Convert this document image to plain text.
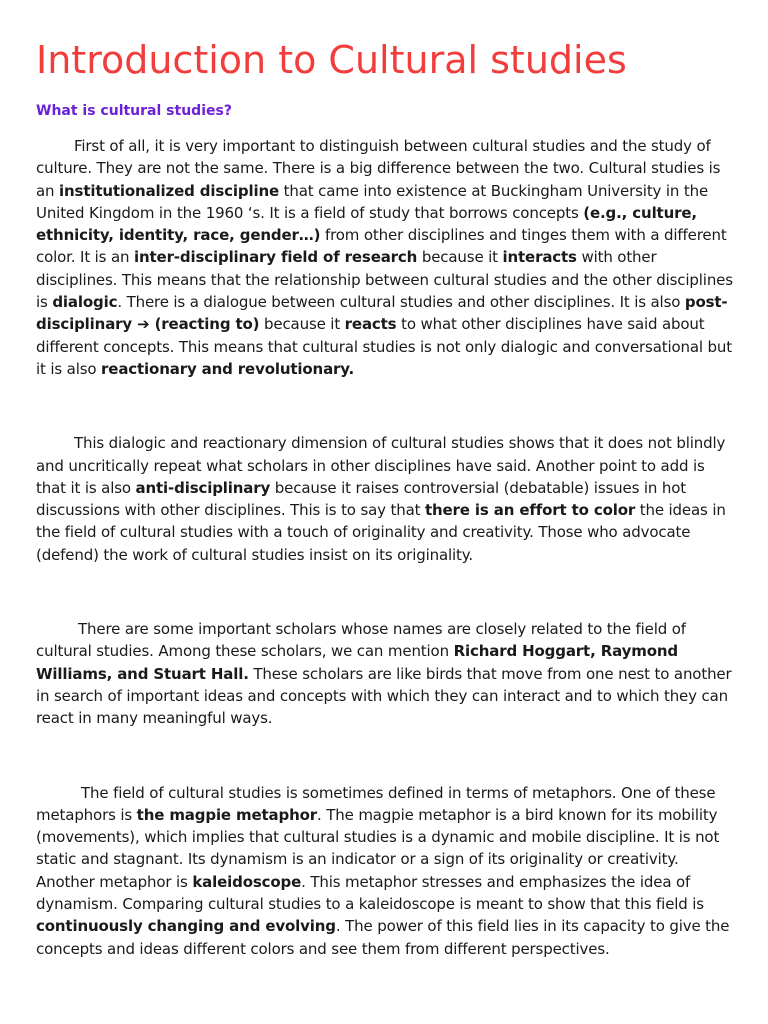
Introduction to Cultural studies
What is cultural studies?

First of all, it is very important to distinguish between cultural studies and the study of culture. They are not the same. There is a big difference between the two. Cultural studies is an institutionalized discipline that came into existence at Buckingham University in the United Kingdom in the 1960 ‘s. It is a field of study that borrows concepts (e.g., culture, ethnicity, identity, race, gender…) from other disciplines and tinges them with a different color. It is an inter-disciplinary field of research because it interacts with other disciplines. This means that the relationship between cultural studies and the other disciplines is dialogic. There is a dialogue between cultural studies and other disciplines. It is also post-disciplinary ➔ (reacting to) because it reacts to what other disciplines have said about different concepts. This means that cultural studies is not only dialogic and conversational but it is also reactionary and revolutionary.

This dialogic and reactionary dimension of cultural studies shows that it does not blindly and uncritically repeat what scholars in other disciplines have said. Another point to add is that it is also anti-disciplinary because it raises controversial (debatable) issues in hot discussions with other disciplines. This is to say that there is an effort to color the ideas in the field of cultural studies with a touch of originality and creativity. Those who advocate (defend) the work of cultural studies insist on its originality.

There are some important scholars whose names are closely related to the field of cultural studies. Among these scholars, we can mention Richard Hoggart, Raymond Williams, and Stuart Hall. These scholars are like birds that move from one nest to another in search of important ideas and concepts with which they can interact and to which they can react in many meaningful ways.

The field of cultural studies is sometimes defined in terms of metaphors. One of these metaphors is the magpie metaphor. The magpie metaphor is a bird known for its mobility (movements), which implies that cultural studies is a dynamic and mobile discipline. It is not static and stagnant. Its dynamism is an indicator or a sign of its originality or creativity. Another metaphor is kaleidoscope. This metaphor stresses and emphasizes the idea of dynamism. Comparing cultural studies to a kaleidoscope is meant to show that this field is continuously changing and evolving. The power of this field lies in its capacity to give the concepts and ideas different colors and see them from different perspectives.
